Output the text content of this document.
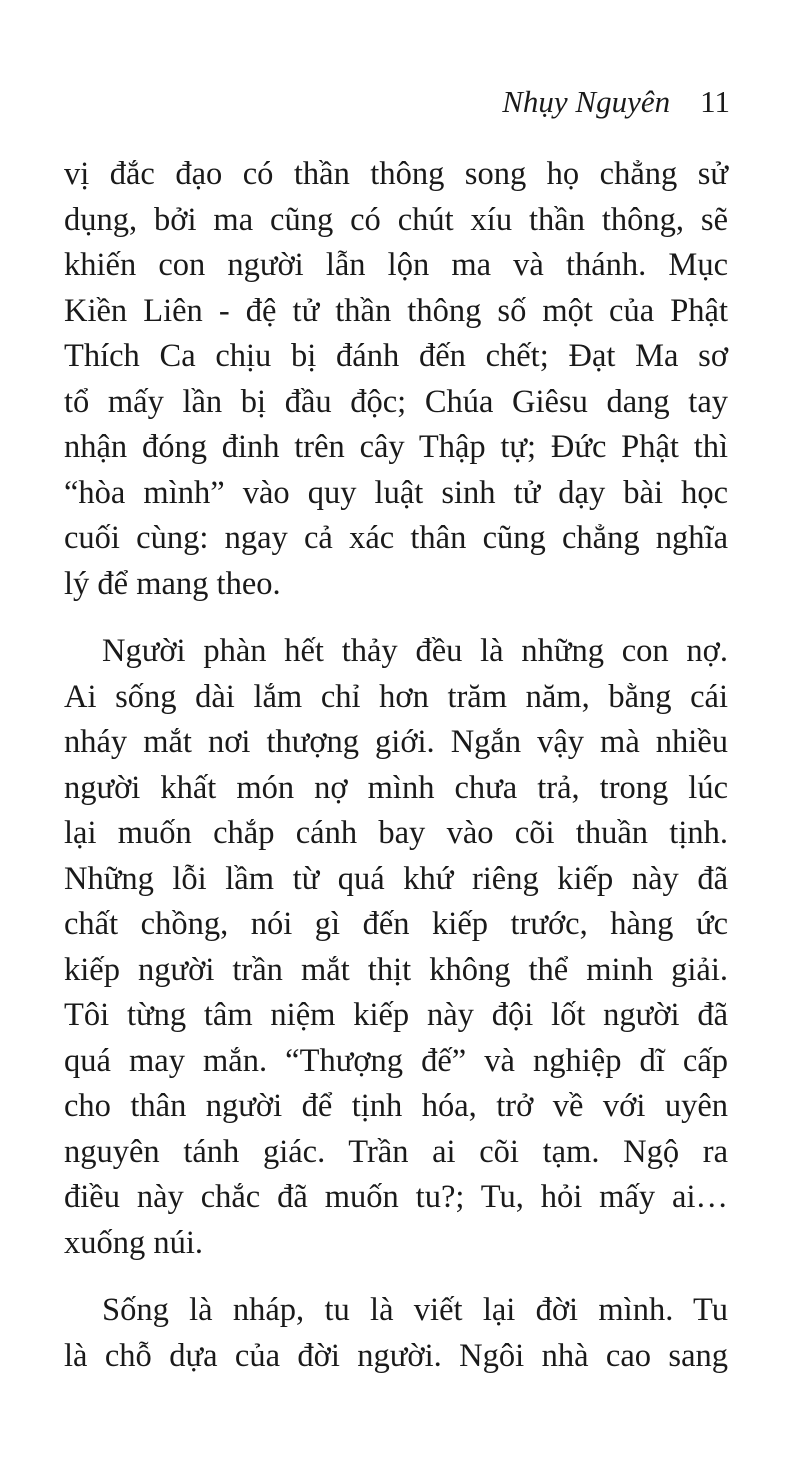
Nhụy Nguyên 11
vị đắc đạo có thần thông song họ chẳng sử
dụng, bởi ma cũng có chút xíu thần thông, sẽ
khiến con người lẫn lộn ma và thánh. Mục
Kiền Liên - đệ tử thần thông số một của Phật
Thích Ca chịu bị đánh đến chết; Đạt Ma sơ
tổ mấy lần bị đầu độc; Chúa Giêsu dang tay
nhận đóng đinh trên cây Thập tự; Đức Phật thì
“hòa mình” vào quy luật sinh tử dạy bài học
cuối cùng: ngay cả xác thân cũng chẳng nghĩa
lý để mang theo.
Người phàn hết thảy đều là những con nợ.
Ai sống dài lắm chỉ hơn trăm năm, bằng cái
nháy mắt nơi thượng giới. Ngắn vậy mà nhiều
người khất món nợ mình chưa trả, trong lúc
lại muốn chắp cánh bay vào cõi thuần tịnh.
Những lỗi lầm từ quá khứ riêng kiếp này đã
chất chồng, nói gì đến kiếp trước, hàng ức
kiếp người trần mắt thịt không thể minh giải.
Tôi từng tâm niệm kiếp này đội lốt người đã
quá may mắn. “Thượng đế” và nghiệp dĩ cấp
cho thân người để tịnh hóa, trở về với uyên
nguyên tánh giác. Trần ai cõi tạm. Ngộ ra
điều này chắc đã muốn tu?; Tu, hỏi mấy ai…
xuống núi.
Sống là nháp, tu là viết lại đời mình. Tu
là chỗ dựa của đời người. Ngôi nhà cao sang
